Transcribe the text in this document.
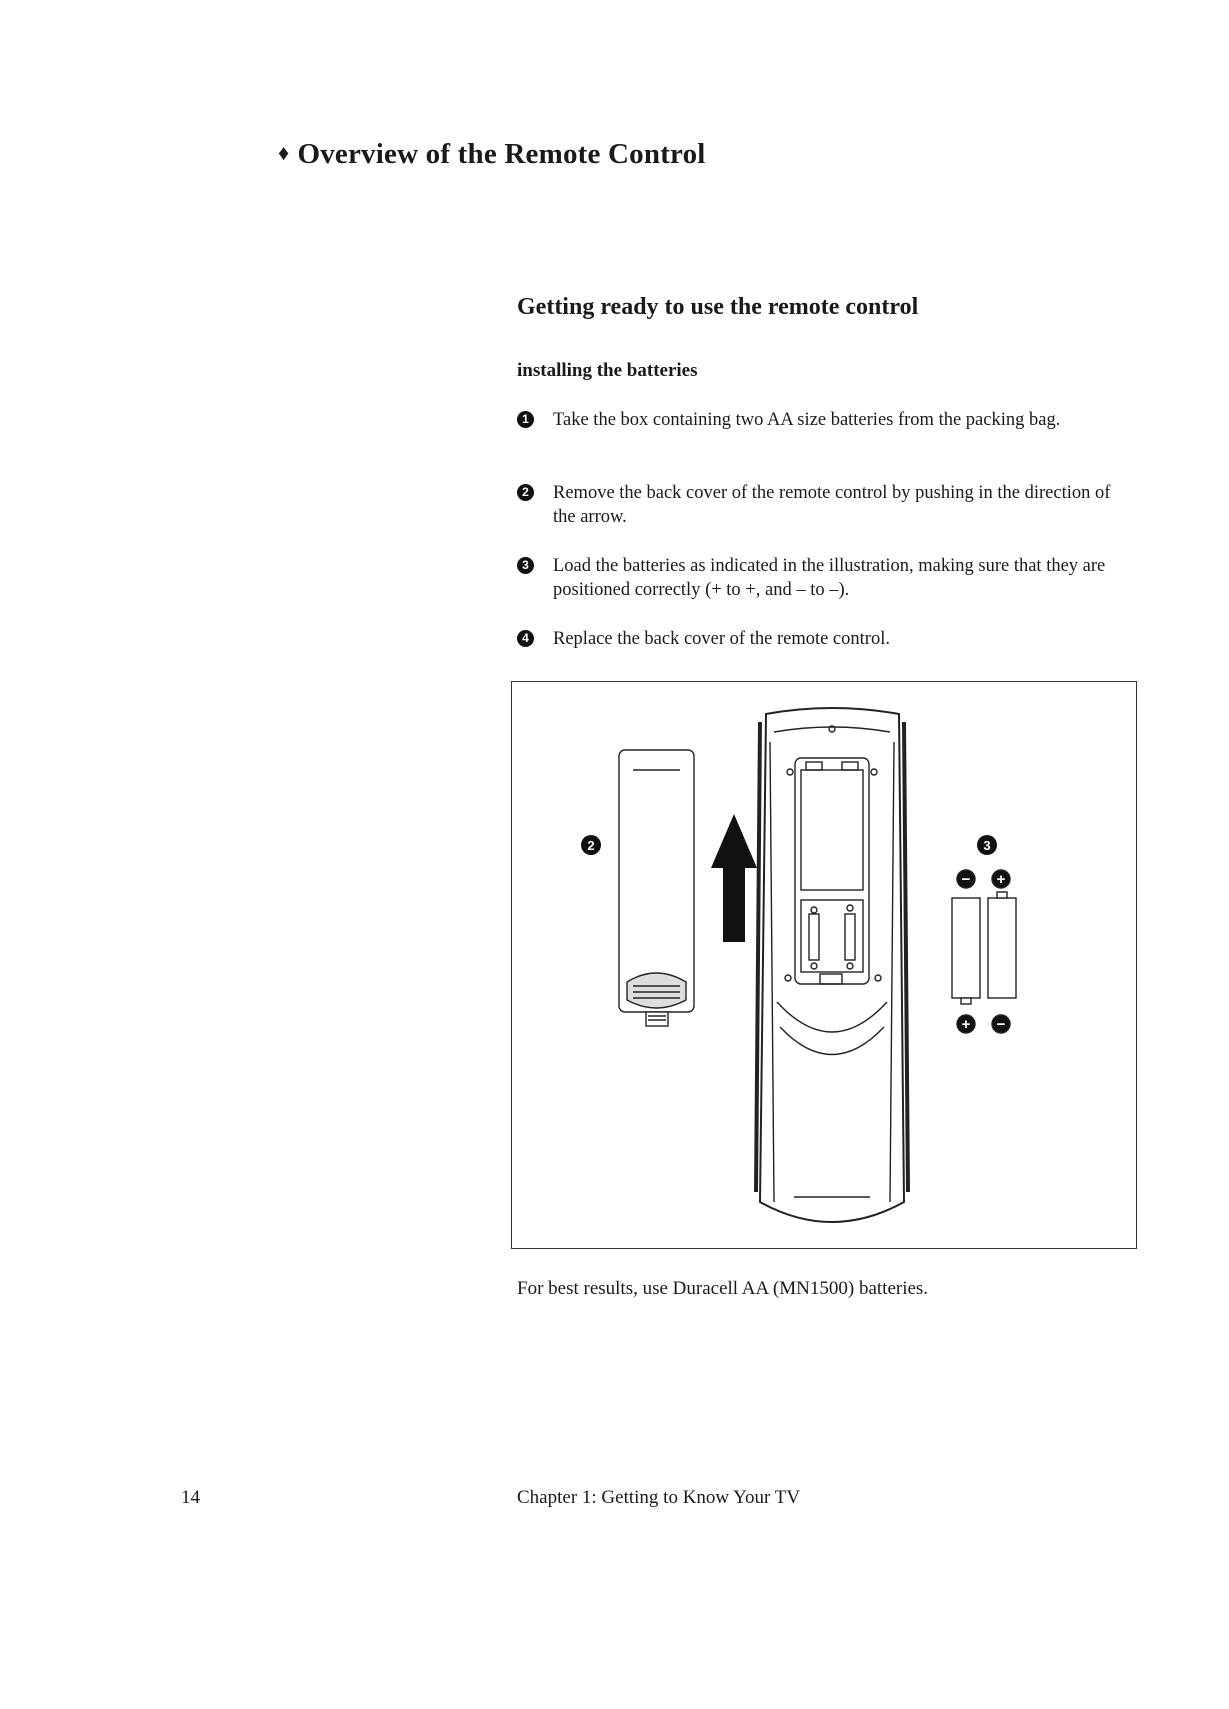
♦ Overview of the Remote Control
Getting ready to use the remote control
installing the batteries
1 Take the box containing two AA size batteries from the packing bag.
2 Remove the back cover of the remote control by pushing in the direction of the arrow.
3 Load the batteries as indicated in the illustration, making sure that they are positioned correctly (+ to +, and – to –).
4 Replace the back cover of the remote control.
2	3
− +
+ −
For best results, use Duracell AA (MN1500) batteries.
14	Chapter 1: Getting to Know Your TV
